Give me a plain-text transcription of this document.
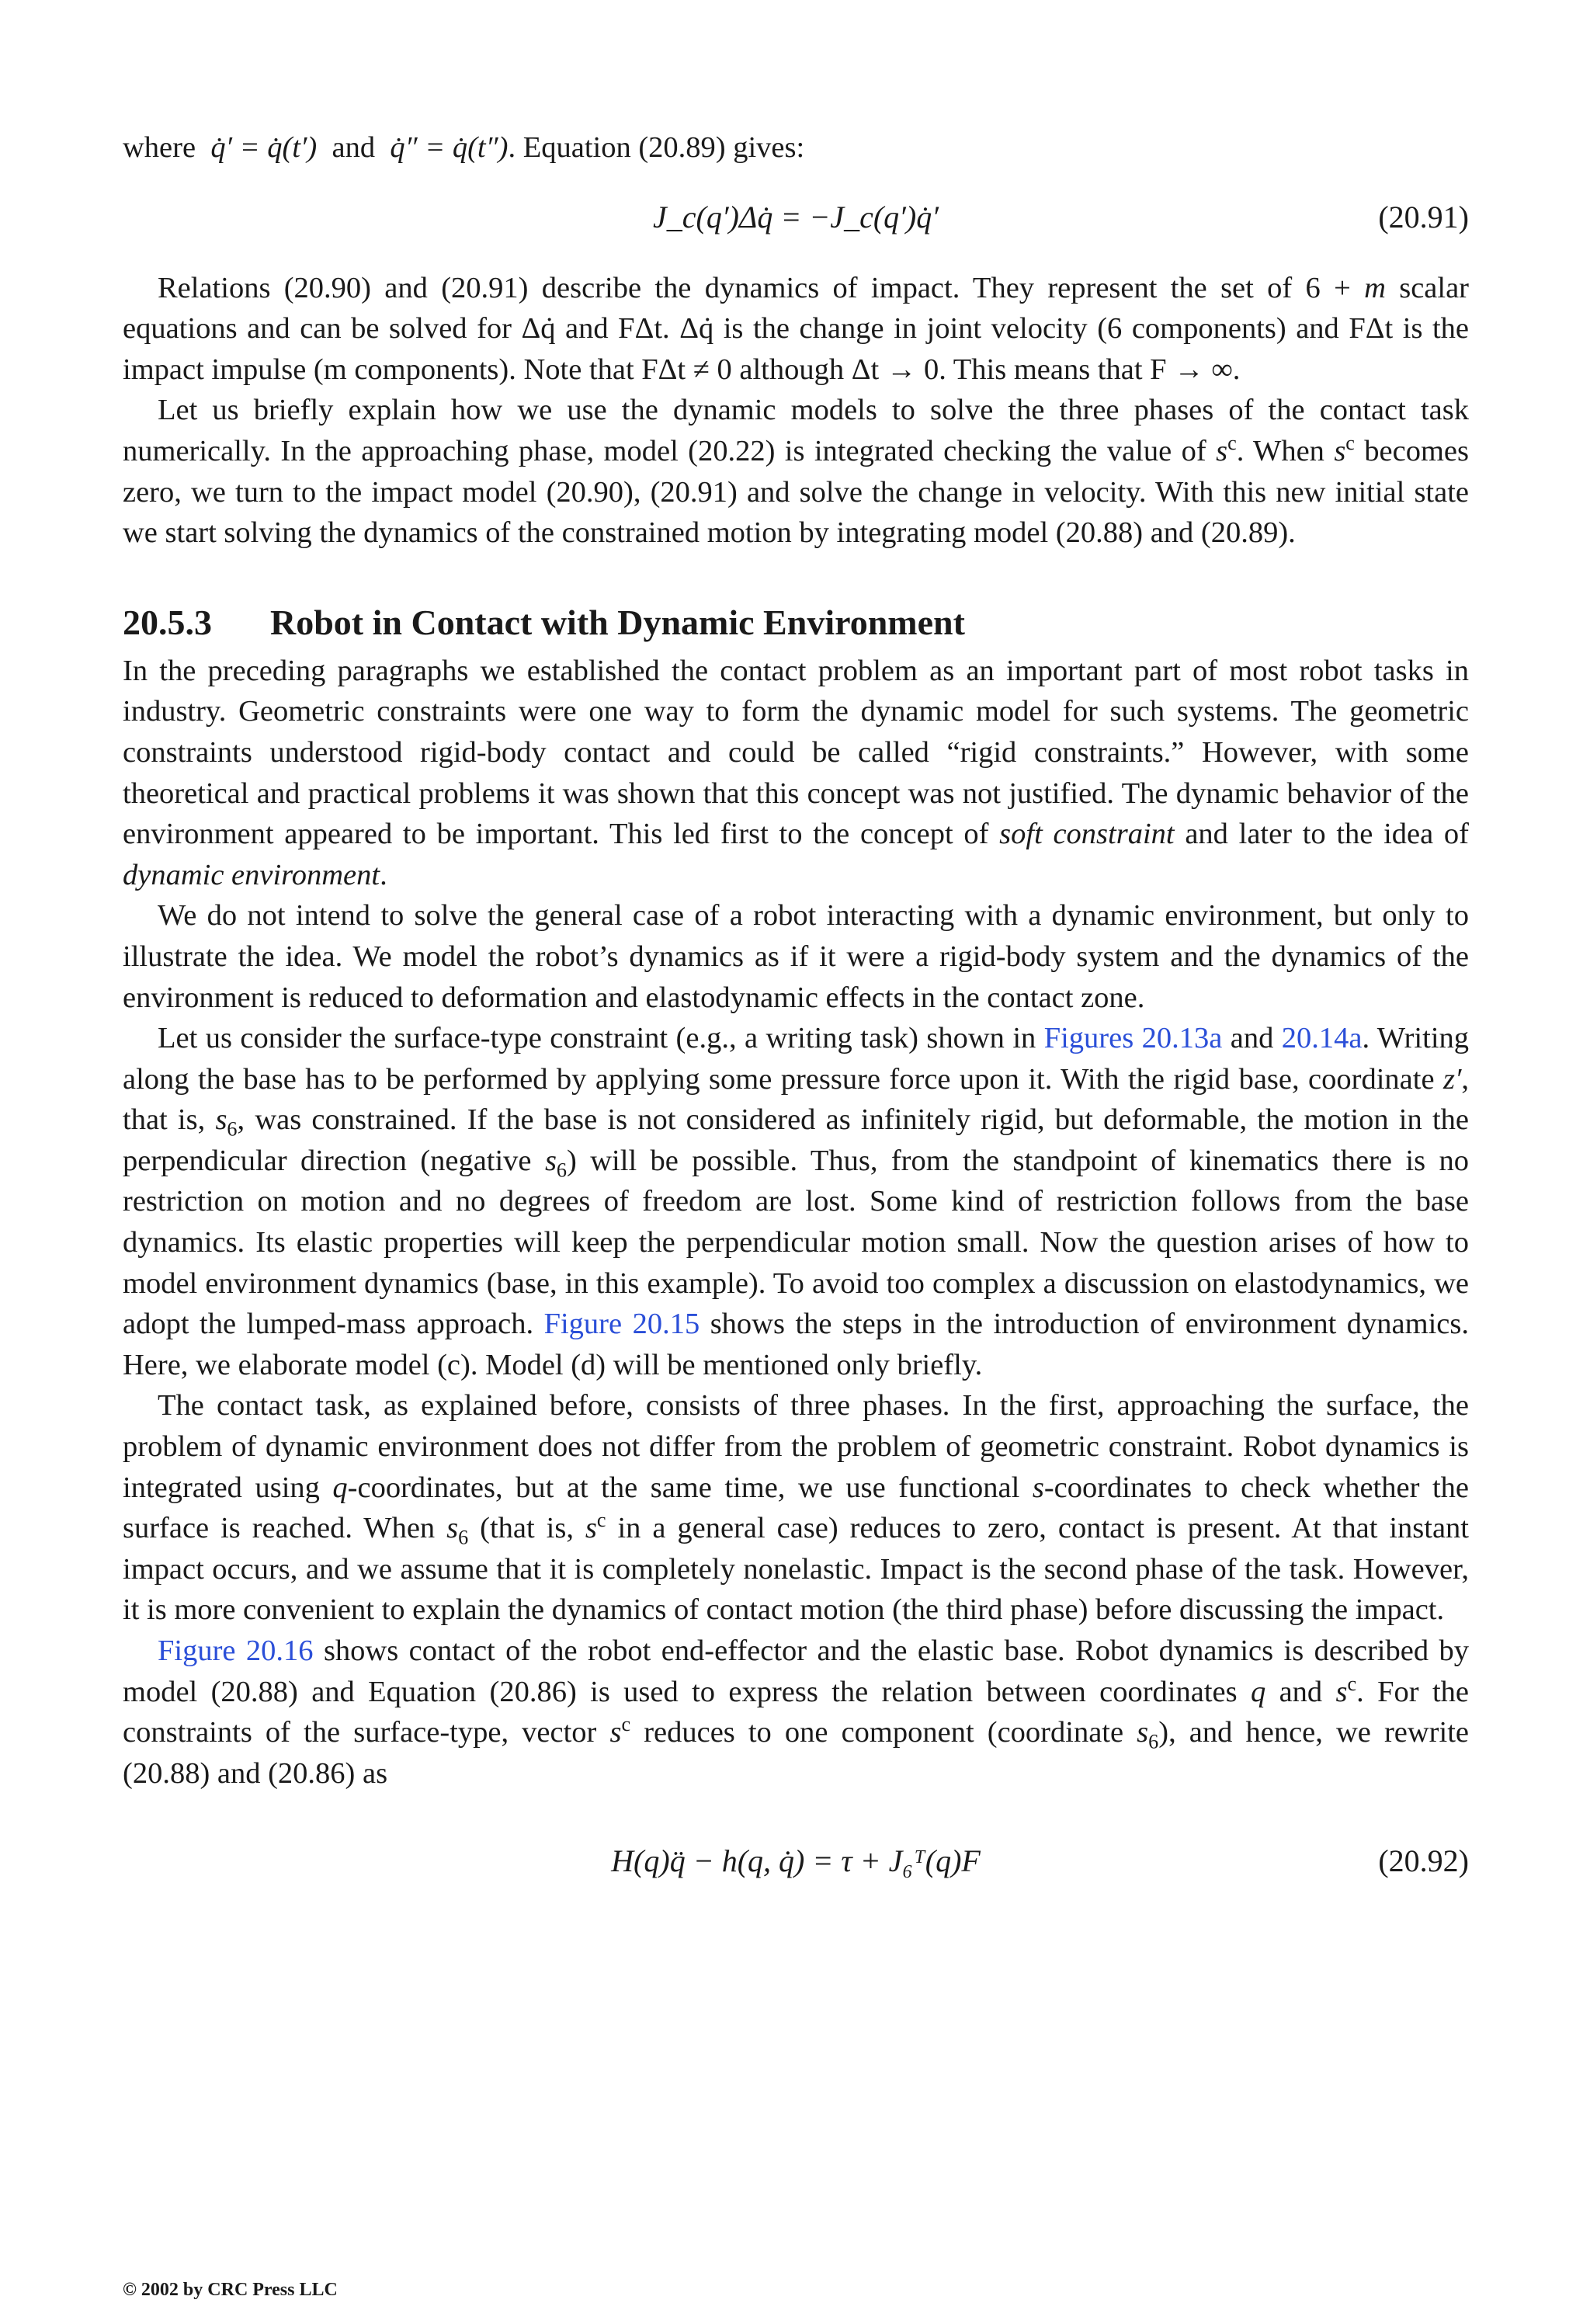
where q̇′ = q̇(t′) and q̇″ = q̇(t″). Equation (20.89) gives:

J_c(q′)Δq̇ = −J_c(q′)q̇′	(20.91)

Relations (20.90) and (20.91) describe the dynamics of impact. They represent the set of 6 + m scalar equations and can be solved for Δq̇ and FΔt. Δq̇ is the change in joint velocity (6 components) and FΔt is the impact impulse (m components). Note that FΔt ≠ 0 although Δt → 0. This means that F → ∞.

Let us briefly explain how we use the dynamic models to solve the three phases of the contact task numerically. In the approaching phase, model (20.22) is integrated checking the value of $s^c$. When $s^c$ becomes zero, we turn to the impact model (20.90), (20.91) and solve the change in velocity. With this new initial state we start solving the dynamics of the constrained motion by integrating model (20.88) and (20.89).

20.5.3 Robot in Contact with Dynamic Environment

In the preceding paragraphs we established the contact problem as an important part of most robot tasks in industry. Geometric constraints were one way to form the dynamic model for such systems. The geometric constraints understood rigid-body contact and could be called “rigid constraints.” However, with some theoretical and practical problems it was shown that this concept was not justified. The dynamic behavior of the environment appeared to be important. This led first to the concept of soft constraint and later to the idea of dynamic environment.

We do not intend to solve the general case of a robot interacting with a dynamic environment, but only to illustrate the idea. We model the robot’s dynamics as if it were a rigid-body system and the dynamics of the environment is reduced to deformation and elastodynamic effects in the contact zone.

Let us consider the surface-type constraint (e.g., a writing task) shown in Figures 20.13a and 20.14a. Writing along the base has to be performed by applying some pressure force upon it. With the rigid base, coordinate z′, that is, $s_6$, was constrained. If the base is not considered as infinitely rigid, but deformable, the motion in the perpendicular direction (negative $s_6$) will be possible. Thus, from the standpoint of kinematics there is no restriction on motion and no degrees of freedom are lost. Some kind of restriction follows from the base dynamics. Its elastic properties will keep the perpendicular motion small. Now the question arises of how to model environment dynamics (base, in this example). To avoid too complex a discussion on elastodynamics, we adopt the lumped-mass approach. Figure 20.15 shows the steps in the introduction of environment dynamics. Here, we elaborate model (c). Model (d) will be mentioned only briefly.

The contact task, as explained before, consists of three phases. In the first, approaching the surface, the problem of dynamic environment does not differ from the problem of geometric constraint. Robot dynamics is integrated using q-coordinates, but at the same time, we use functional s-coordinates to check whether the surface is reached. When $s_6$ (that is, $s^c$ in a general case) reduces to zero, contact is present. At that instant impact occurs, and we assume that it is completely nonelastic. Impact is the second phase of the task. However, it is more convenient to explain the dynamics of contact motion (the third phase) before discussing the impact.

Figure 20.16 shows contact of the robot end-effector and the elastic base. Robot dynamics is described by model (20.88) and Equation (20.86) is used to express the relation between coordinates q and $s^c$. For the constraints of the surface-type, vector $s^c$ reduces to one component (coordinate $s_6$), and hence, we rewrite (20.88) and (20.86) as

H(q)q̈ − h(q, q̇) = τ + J₆ᵀ(q)F	(20.92)
© 2002 by CRC Press LLC
